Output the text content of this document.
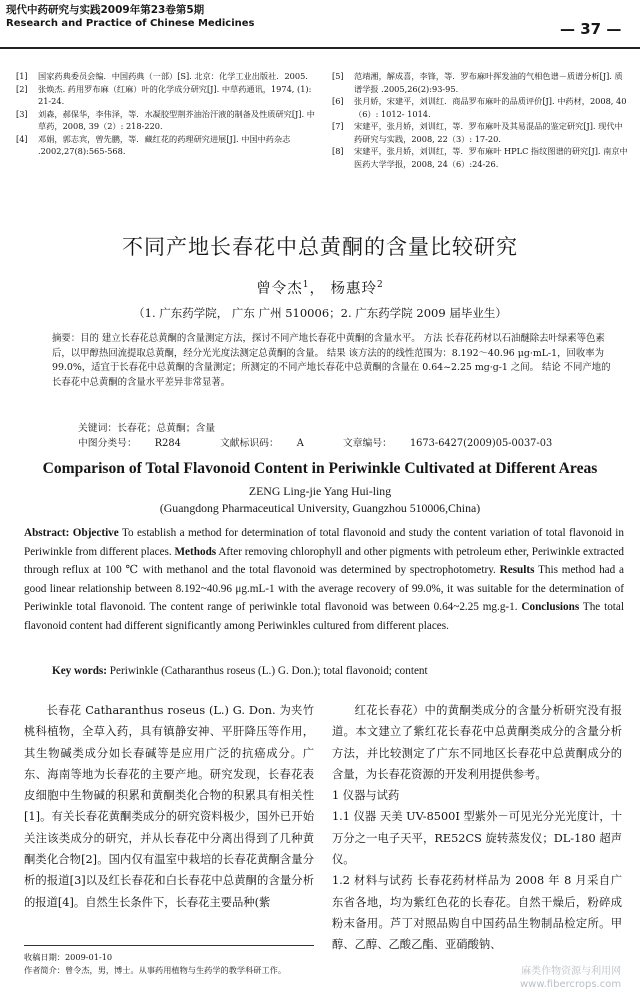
现代中药研究与实践2009年第23卷第5期
Research and Practice of Chinese Medicines	— 37 —
[1]	国家药典委员会编．中国药典（一部）[S]. 北京：化学工业出版社．2005.
[2]	张焕杰. 药用罗布麻（红麻）叶的化学成分研究[J]. 中草药通讯，1974, (1): 21-24.
[3]	刘森，郝保华，李伟泽，等．水凝胶型荆芥油治汗液的制备及性质研究[J]. 中草药，2008, 39（2）: 218-220.
[4]	邓娟，郭志宾，曾先鹏，等．藏红花的药理研究进展[J]. 中国中药杂志 .2002,27(8):565-568.
[5]	范靖湘，解成喜，李锋，等．罗布麻叶挥发油的气相色谱－质谱分析[J]. 质谱学报 .2005,26(2):93-95.
[6]	张月娇，宋建平，刘训红．商品罗布麻叶的品质评价[J]. 中药材，2008, 40（6）: 1012- 1014.
[7]	宋建平，张月娇，刘训红，等．罗布麻叶及其易混品的鉴定研究[J]. 现代中药研究与实践，2008, 22（3）: 17-20.
[8]	宋建平，张月娇，刘训红，等．罗布麻叶 HPLC 指纹图谱的研究[J]. 南京中医药大学学报，2008, 24（6）:24-26.
不同产地长春花中总黄酮的含量比较研究
曾令杰$^1$， 杨惠玲$^2$
（1. 广东药学院， 广东 广州 510006；2. 广东药学院 2009 届毕业生）
摘要：目的 建立长春花总黄酮的含量测定方法，探讨不同产地长春花中黄酮的含量水平。 方法 长春花药材以石油醚除去叶绿素等色素后，以甲醇热回流提取总黄酮，经分光光度法测定总黄酮的含量。 结果 该方法的的线性范围为：8.192～40.96 μg·mL-1，回收率为 99.0%，适宜于长春花中总黄酮的含量测定；所测定的不同产地长春花中总黄酮的含量在 0.64~2.25 mg·g-1 之间。 结论 不同产地的长春花中总黄酮的含量水平差异非常显著。
关键词：长春花；总黄酮；含量
中图分类号： R284	文献标识码： A	文章编号： 1673-6427(2009)05-0037-03
Comparison of Total Flavonoid Content in Periwinkle Cultivated at Different Areas
ZENG Ling-jie Yang Hui-ling
(Guangdong Pharmaceutical University, Guangzhou 510006,China)
Abstract: Objective To establish a method for determination of total flavonoid and study the content variation of total flavonoid in Periwinkle from different places. Methods After removing chlorophyll and other pigments with petroleum ether, Periwinkle extracted through reflux at 100 ℃ with methanol and the total flavonoid was determined by spectrophotometry. Results This method had a good linear relationship between 8.192~40.96 μg.mL-1 with the average recovery of 99.0%, it was suitable for the determination of Periwinkle total flavonoid. The content range of periwinkle total flavonoid was between 0.64~2.25 mg.g-1. Conclusions The total flavonoid content had different significantly among Periwinkles cultured from different places.
Key words: Periwinkle (Catharanthus roseus (L.) G. Don.); total flavonoid; content
长春花 Catharanthus roseus (L.) G. Don. 为夹竹桃科植物，全草入药，具有镇静安神、平肝降压等作用，其生物碱类成分如长春碱等是应用广泛的抗癌成分。广东、海南等地为长春花的主要产地。研究发现，长春花表皮细胞中生物碱的积累和黄酮类化合物的积累具有相关性[1]。有关长春花黄酮类成分的研究资料极少，国外已开始关注该类成分的研究，并从长春花中分离出得到了几种黄酮类化合物[2]。国内仅有温室中栽培的长春花黄酮含量分析的报道[3]以及红长春花和白长春花中总黄酮的含量分析的报道[4]。自然生长条件下，长春花主要品种(紫
红花长春花）中的黄酮类成分的含量分析研究没有报道。本文建立了紫红花长春花中总黄酮类成分的含量分析方法，并比较测定了广东不同地区长春花中总黄酮成分的含量，为长春花资源的开发利用提供参考。
1 仪器与试药
1.1 仪器 天美 UV-8500I 型紫外－可见光分光光度计，十万分之一电子天平，RE52CS 旋转蒸发仪；DL-180 超声仪。
1.2 材料与试药 长春花药材样品为 2008 年 8 月采自广东省各地，均为紫红色花的长春花。自然干燥后，粉碎成粉末备用。芦丁对照品购自中国药品生物制品检定所。甲醇、乙醇、乙酸乙酯、亚硝酸钠、
收稿日期：2009-01-10
作者简介：曾令杰，男，博士。从事药用植物与生药学的教学科研工作。	麻类作物资源与利用网
www.fibercrops.com
